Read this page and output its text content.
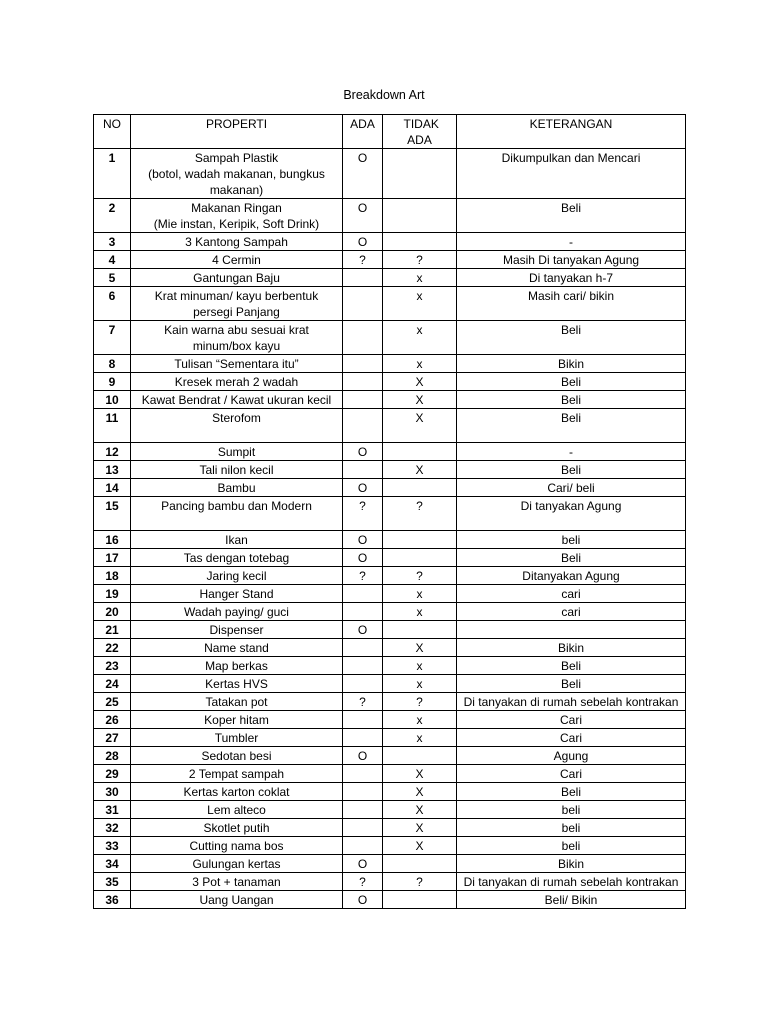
Breakdown Art
NO	PROPERTI	ADA	TIDAK ADA	KETERANGAN
1	Sampah Plastik
(botol, wadah makanan, bungkus makanan)	O		Dikumpulkan dan Mencari
2	Makanan Ringan
(Mie instan, Keripik, Soft Drink)	O		Beli
3	3 Kantong Sampah	O		-
4	4 Cermin	?	?	Masih Di tanyakan Agung
5	Gantungan Baju		x	Di tanyakan h-7
6	Krat minuman/ kayu berbentuk persegi Panjang		x	Masih cari/ bikin
7	Kain warna abu sesuai krat minum/box kayu		x	Beli
8	Tulisan “Sementara itu”		x	Bikin
9	Kresek merah 2 wadah		X	Beli
10	Kawat Bendrat / Kawat ukuran kecil		X	Beli
11	Sterofom		X	Beli
12	Sumpit	O		-
13	Tali nilon kecil		X	Beli
14	Bambu	O		Cari/ beli
15	Pancing bambu dan Modern	?	?	Di tanyakan Agung
16	Ikan	O		beli
17	Tas dengan totebag	O		Beli
18	Jaring kecil	?	?	Ditanyakan Agung
19	Hanger Stand		x	cari
20	Wadah paying/ guci		x	cari
21	Dispenser	O		
22	Name stand		X	Bikin
23	Map berkas		x	Beli
24	Kertas HVS		x	Beli
25	Tatakan pot	?	?	Di tanyakan di rumah sebelah kontrakan
26	Koper hitam		x	Cari
27	Tumbler		x	Cari
28	Sedotan besi	O		Agung
29	2 Tempat sampah		X	Cari
30	Kertas karton coklat		X	Beli
31	Lem alteco		X	beli
32	Skotlet putih		X	beli
33	Cutting nama bos		X	beli
34	Gulungan kertas	O		Bikin
35	3 Pot + tanaman	?	?	Di tanyakan di rumah sebelah kontrakan
36	Uang Uangan	O		Beli/ Bikin
